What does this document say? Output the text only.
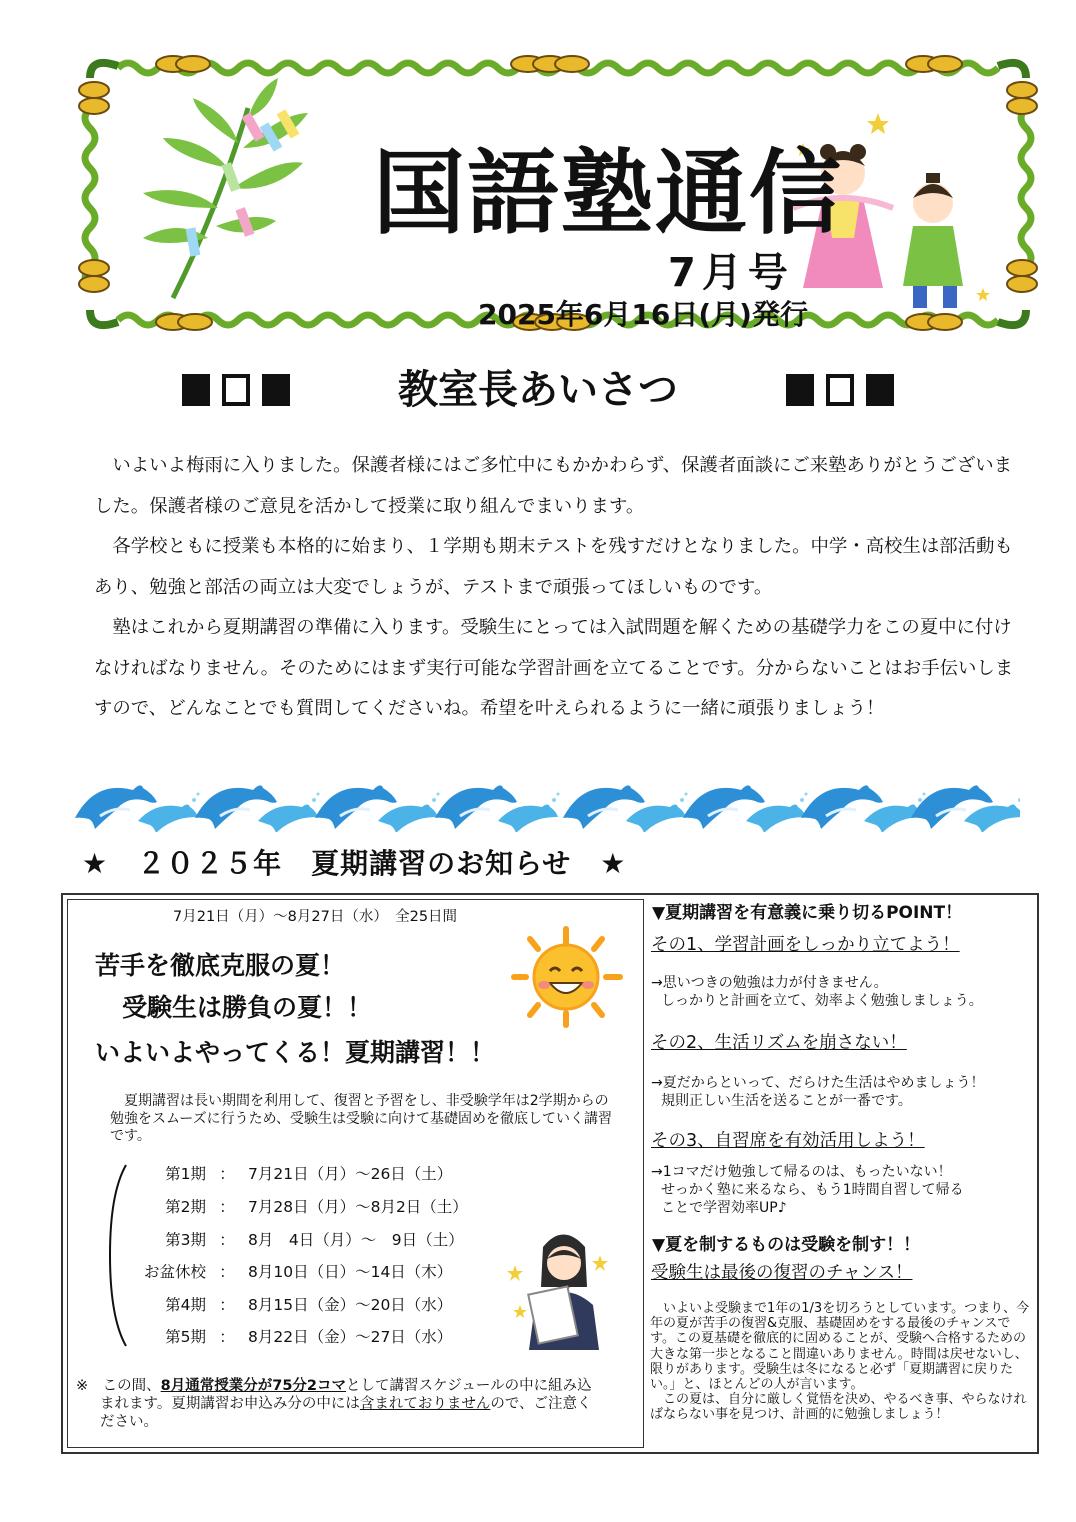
国語塾通信
7月号
2025年6月16日(月)発行
教室長あいさつ

いよいよ梅雨に入りました。保護者様にはご多忙中にもかかわらず、保護者面談にご来塾ありがとうございました。保護者様のご意見を活かして授業に取り組んでまいります。

各学校ともに授業も本格的に始まり、１学期も期末テストを残すだけとなりました。中学・高校生は部活動もあり、勉強と部活の両立は大変でしょうが、テストまで頑張ってほしいものです。

塾はこれから夏期講習の準備に入ります。受験生にとっては入試問題を解くための基礎学力をこの夏中に付けなければなりません。そのためにはまず実行可能な学習計画を立てることです。分からないことはお手伝いしますので、どんなことでも質問してくださいね。希望を叶えられるように一緒に頑張りましょう！

★　２０２５年　夏期講習のお知らせ　★
7月21日（月）～8月27日（水）　全25日間
苦手を徹底克服の夏！
受験生は勝負の夏！！
いよいよやってくる！夏期講習！！
夏期講習は長い期間を利用して、復習と予習をし、非受験学年は2学期からの勉強をスムーズに行うため、受験生は受験に向けて基礎固めを徹底していく講習です。
第1期 ： 7月21日（月）～26日（土）
第2期 ： 7月28日（月）～8月2日（土）
第3期 ： 8月　4日（月）～　9日（土）
お盆休校 ： 8月10日（日）～14日（木）
第4期 ： 8月15日（金）～20日（水）
第5期 ： 8月22日（金）～27日（水）
※　 この間、8月通常授業分が75分2コマとして講習スケジュールの中に組み込まれます。夏期講習お申込み分の中には含まれておりませんので、ご注意ください。
▼夏期講習を有意義に乗り切るPOINT！
その1、学習計画をしっかり立てよう！
→思いつきの勉強は力が付きません。
しっかりと計画を立て、効率よく勉強しましょう。
その2、生活リズムを崩さない！
→夏だからといって、だらけた生活はやめましょう！
規則正しい生活を送ることが一番です。
その3、自習席を有効活用しよう！
→1コマだけ勉強して帰るのは、もったいない！
せっかく塾に来るなら、もう1時間自習して帰る
ことで学習効率UP♪
▼夏を制するものは受験を制す！！
受験生は最後の復習のチャンス！

いよいよ受験まで1年の1/3を切ろうとしています。つまり、今年の夏が苦手の復習&克服、基礎固めをする最後のチャンスです。この夏基礎を徹底的に固めることが、受験へ合格するための大きな第一歩となること間違いありません。時間は戻せないし、限りがあります。受験生は冬になると必ず「夏期講習に戻りたい。」と、ほとんどの人が言います。

この夏は、自分に厳しく覚悟を決め、やるべき事、やらなければならない事を見つけ、計画的に勉強しましょう！
